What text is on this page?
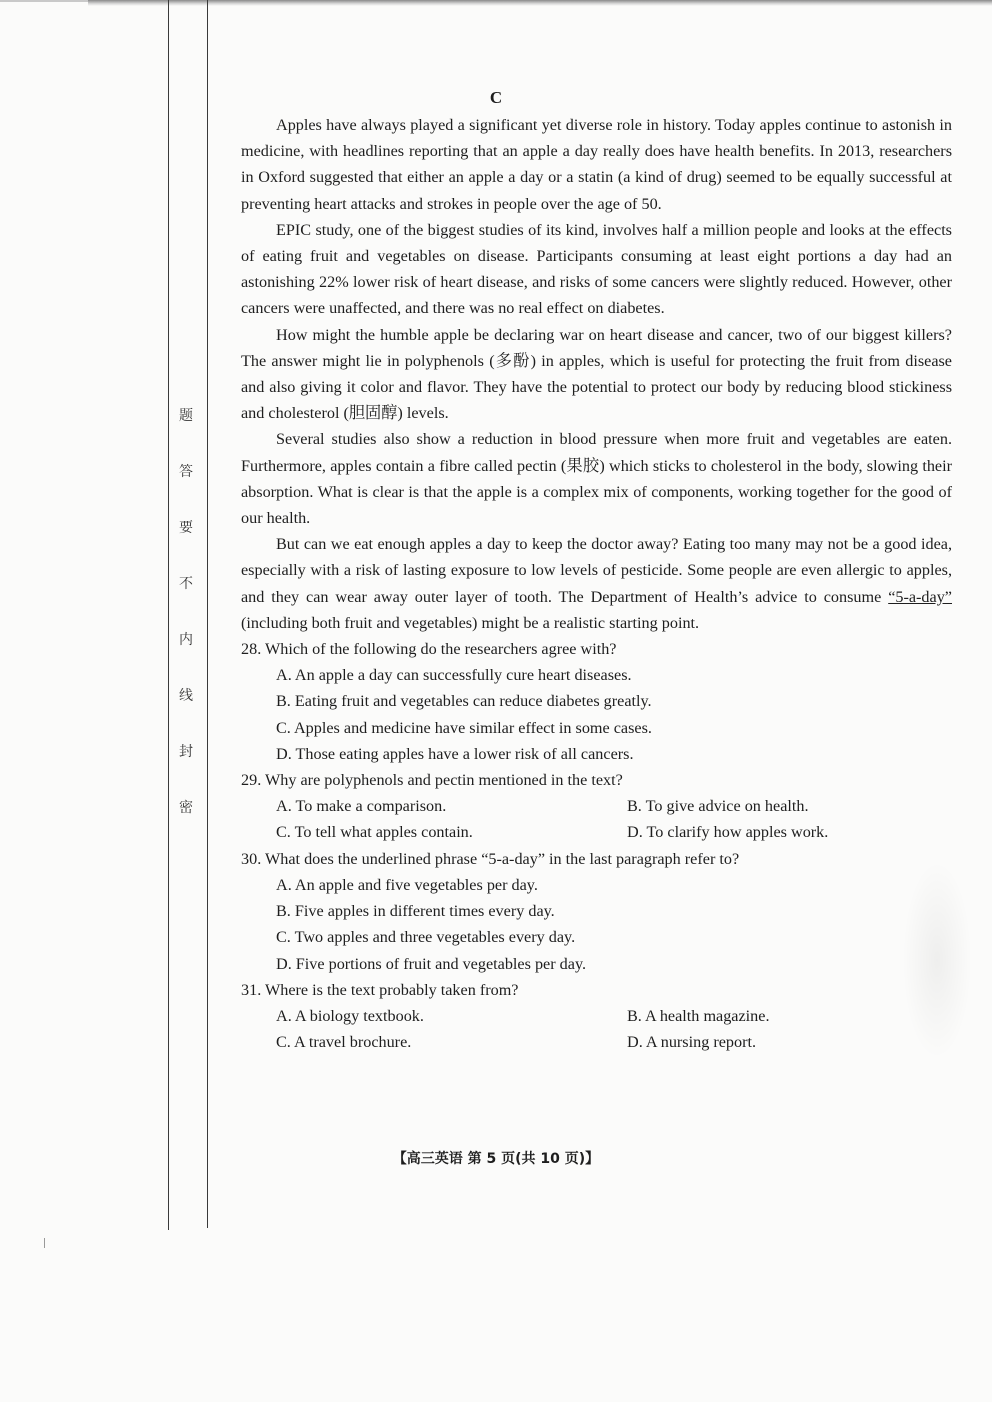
题
答
要
不
内
线
封
密
C

Apples have always played a significant yet diverse role in history. Today apples continue to astonish in medicine, with headlines reporting that an apple a day really does have health benefits. In 2013, researchers in Oxford suggested that either an apple a day or a statin (a kind of drug) seemed to be equally successful at preventing heart attacks and strokes in people over the age of 50.

EPIC study, one of the biggest studies of its kind, involves half a million people and looks at the effects of eating fruit and vegetables on disease. Participants consuming at least eight portions a day had an astonishing 22% lower risk of heart disease, and risks of some cancers were slightly reduced. However, other cancers were unaffected, and there was no real effect on diabetes.

How might the humble apple be declaring war on heart disease and cancer, two of our biggest killers? The answer might lie in polyphenols (多酚) in apples, which is useful for protecting the fruit from disease and also giving it color and flavor. They have the potential to protect our body by reducing blood stickiness and cholesterol (胆固醇) levels.

Several studies also show a reduction in blood pressure when more fruit and vegetables are eaten. Furthermore, apples contain a fibre called pectin (果胶) which sticks to cholesterol in the body, slowing their absorption. What is clear is that the apple is a complex mix of components, working together for the good of our health.

But can we eat enough apples a day to keep the doctor away? Eating too many may not be a good idea, especially with a risk of lasting exposure to low levels of pesticide. Some people are even allergic to apples, and they can wear away outer layer of tooth. The Department of Health’s advice to consume “5-a-day” (including both fruit and vegetables) might be a realistic starting point.

28. Which of the following do the researchers agree with?

A. An apple a day can successfully cure heart diseases.

B. Eating fruit and vegetables can reduce diabetes greatly.

C. Apples and medicine have similar effect in some cases.

D. Those eating apples have a lower risk of all cancers.

29. Why are polyphenols and pectin mentioned in the text?

A. To make a comparison.	B. To give advice on health.
C. To tell what apples contain.	D. To clarify how apples work.

30. What does the underlined phrase “5-a-day” in the last paragraph refer to?

A. An apple and five vegetables per day.

B. Five apples in different times every day.

C. Two apples and three vegetables every day.

D. Five portions of fruit and vegetables per day.

31. Where is the text probably taken from?

A. A biology textbook.	B. A health magazine.
C. A travel brochure.	D. A nursing report.
【高三英语 第 5 页(共 10 页)】
